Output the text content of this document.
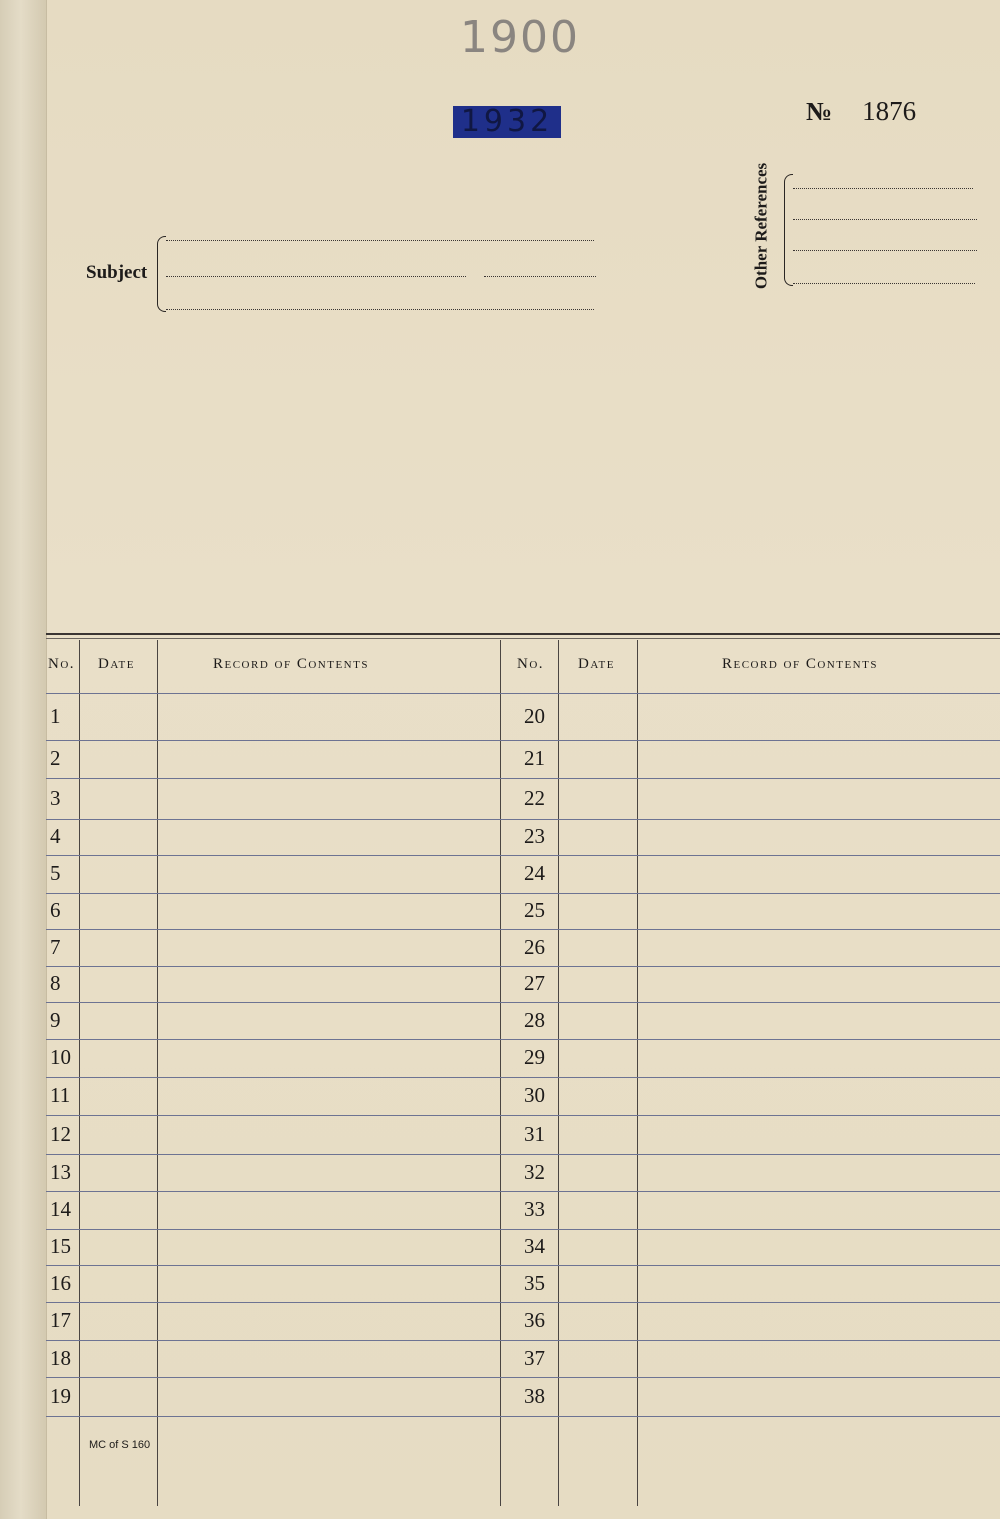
1900
1932	№ 1876
Subject	Other References
No. Date	Record of Contents	No. Date	Record of Contents
1	20
2	21
3	22
4	23
5	24
6	25
7	26
8	27
9	28
10	29
11	30
12	31
13	32
14	33
15	34
16	35
17	36
18	37
19	38
MC of S 160
